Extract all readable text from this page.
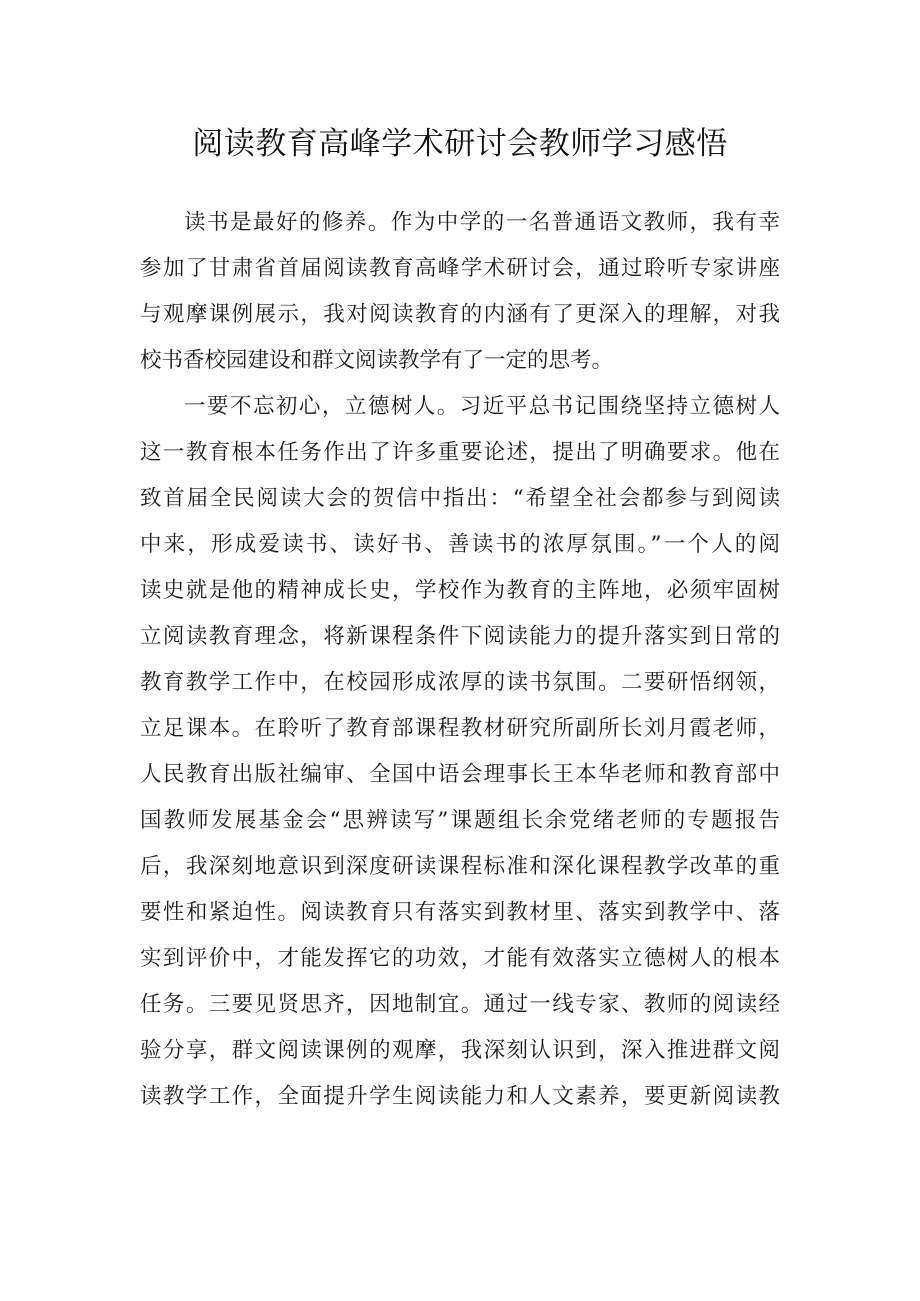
阅读教育高峰学术研讨会教师学习感悟
读书是最好的修养。作为中学的一名普通语文教师，我有幸
参加了甘肃省首届阅读教育高峰学术研讨会，通过聆听专家讲座
与观摩课例展示，我对阅读教育的内涵有了更深入的理解，对我
校书香校园建设和群文阅读教学有了一定的思考。
一要不忘初心，立德树人。习近平总书记围绕坚持立德树人
这一教育根本任务作出了许多重要论述，提出了明确要求。他在
致首届全民阅读大会的贺信中指出：“希望全社会都参与到阅读
中来，形成爱读书、读好书、善读书的浓厚氛围。”一个人的阅
读史就是他的精神成长史，学校作为教育的主阵地，必须牢固树
立阅读教育理念，将新课程条件下阅读能力的提升落实到日常的
教育教学工作中，在校园形成浓厚的读书氛围。二要研悟纲领，
立足课本。在聆听了教育部课程教材研究所副所长刘月霞老师，
人民教育出版社编审、全国中语会理事长王本华老师和教育部中
国教师发展基金会“思辨读写”课题组长余党绪老师的专题报告
后，我深刻地意识到深度研读课程标准和深化课程教学改革的重
要性和紧迫性。阅读教育只有落实到教材里、落实到教学中、落
实到评价中，才能发挥它的功效，才能有效落实立德树人的根本
任务。三要见贤思齐，因地制宜。通过一线专家、教师的阅读经
验分享，群文阅读课例的观摩，我深刻认识到，深入推进群文阅
读教学工作，全面提升学生阅读能力和人文素养，要更新阅读教
